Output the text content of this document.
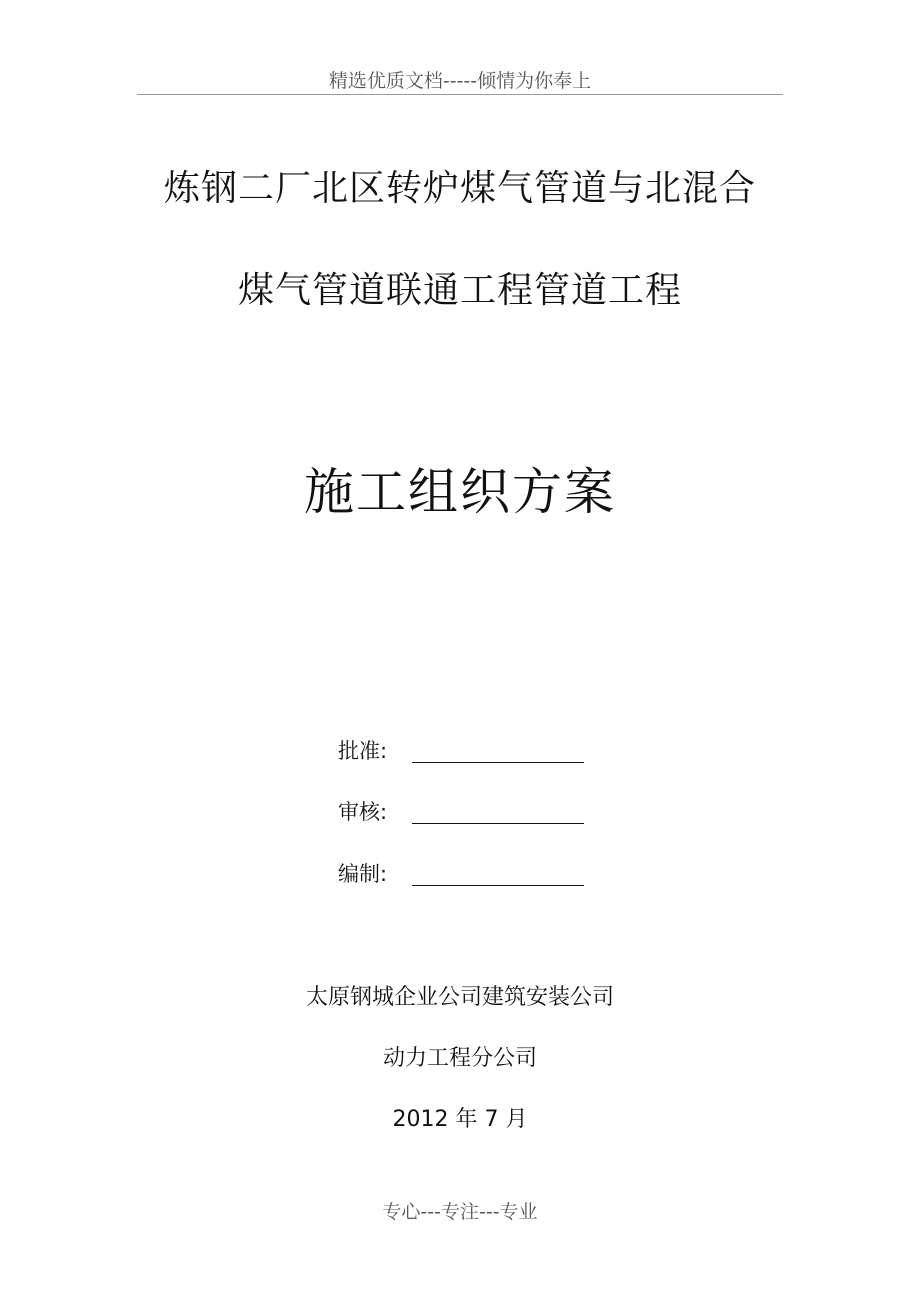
精选优质文档-----倾情为你奉上
炼钢二厂北区转炉煤气管道与北混合
煤气管道联通工程管道工程
施工组织方案
批准:
审核:
编制:
太原钢城企业公司建筑安装公司
动力工程分公司
2012 年 7 月
专心---专注---专业
